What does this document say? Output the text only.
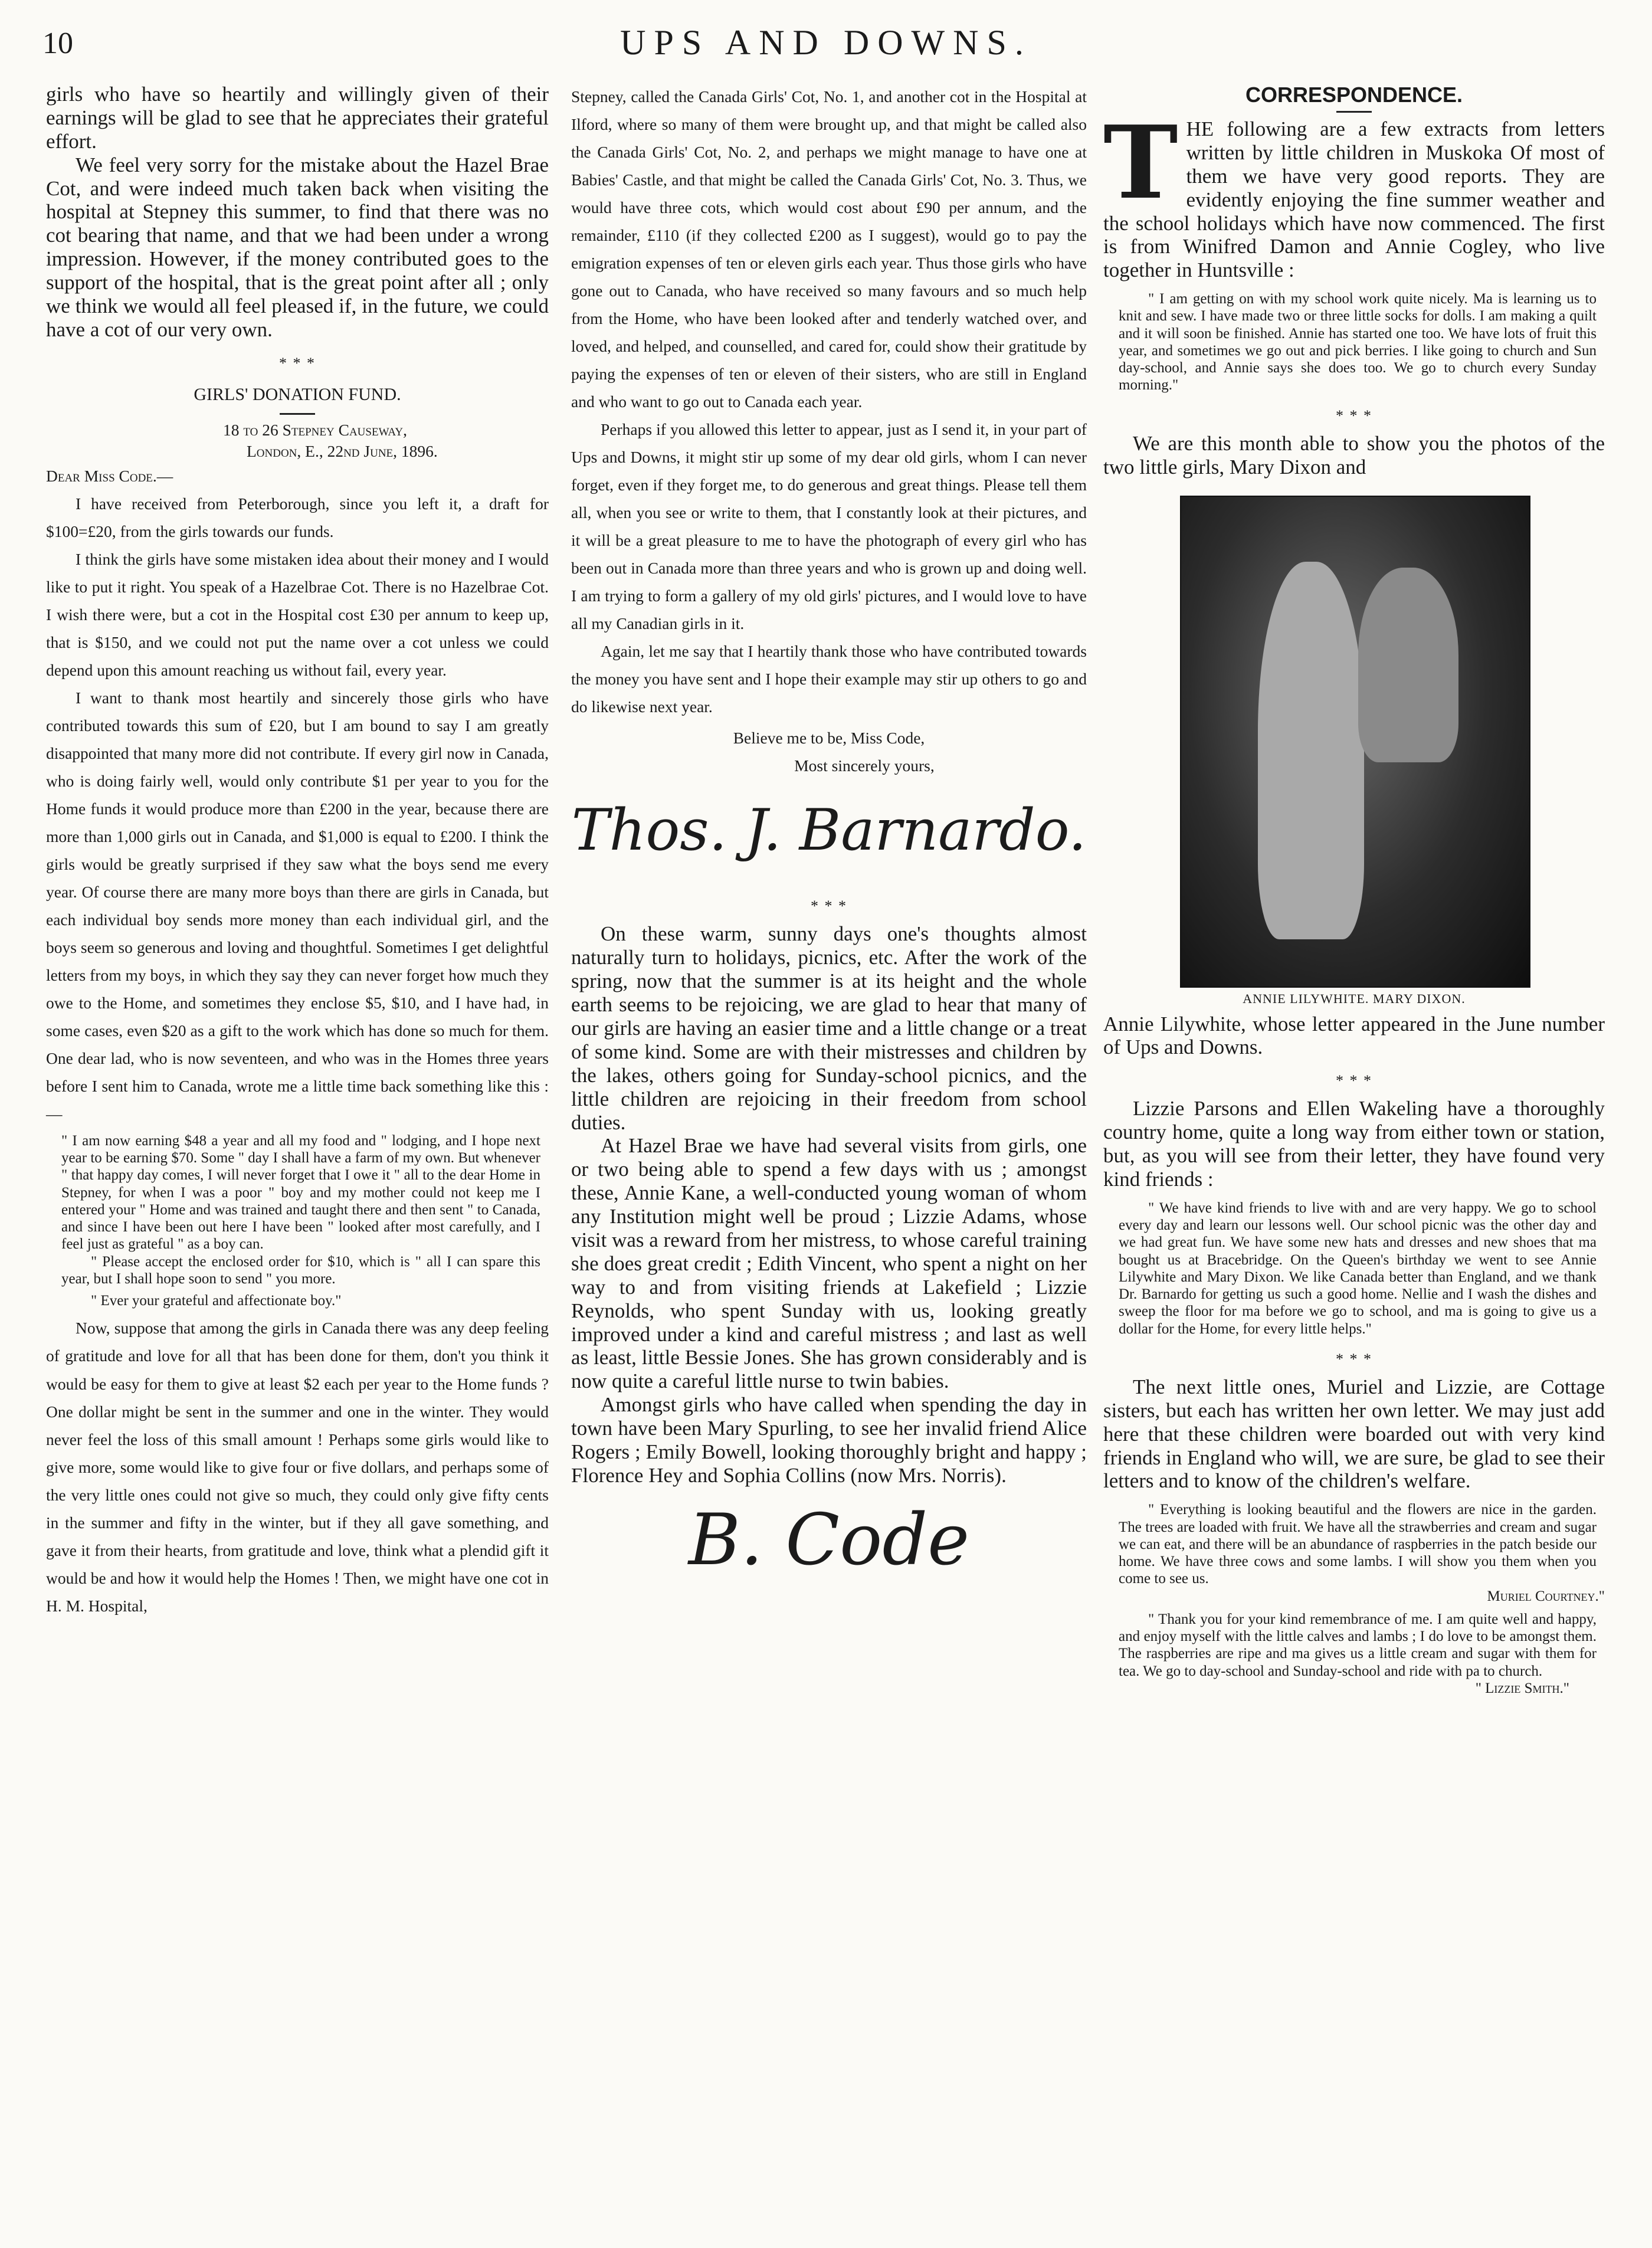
10	UPS AND DOWNS.

girls who have so heartily and willingly given of their earnings will be glad to see that he appreciates their grateful effort.

We feel very sorry for the mistake about the Hazel Brae Cot, and were indeed much taken back when visiting the hospital at Stepney this summer, to find that there was no cot bearing that name, and that we had been under a wrong impression. However, if the money contributed goes to the support of the hospital, that is the great point after all ; only we think we would all feel pleased if, in the future, we could have a cot of our very own.

* * *

GIRLS' DONATION FUND.

18 to 26 Stepney Causeway,

London, E., 22nd June, 1896.

Dear Miss Code.—

I have received from Peterborough, since you left it, a draft for $100=£20, from the girls towards our funds.

I think the girls have some mistaken idea about their money and I would like to put it right. You speak of a Hazelbrae Cot. There is no Hazelbrae Cot. I wish there were, but a cot in the Hospital cost £30 per annum to keep up, that is $150, and we could not put the name over a cot unless we could depend upon this amount reaching us without fail, every year.

I want to thank most heartily and sincerely those girls who have contributed towards this sum of £20, but I am bound to say I am greatly disappointed that many more did not contribute. If every girl now in Canada, who is doing fairly well, would only contribute $1 per year to you for the Home funds it would produce more than £200 in the year, because there are more than 1,000 girls out in Canada, and $1,000 is equal to £200. I think the girls would be greatly surprised if they saw what the boys send me every year. Of course there are many more boys than there are girls in Canada, but each individual boy sends more money than each individual girl, and the boys seem so generous and loving and thoughtful. Sometimes I get delightful letters from my boys, in which they say they can never forget how much they owe to the Home, and sometimes they enclose $5, $10, and I have had, in some cases, even $20 as a gift to the work which has done so much for them. One dear lad, who is now seventeen, and who was in the Homes three years before I sent him to Canada, wrote me a little time back something like this :—

" I am now earning $48 a year and all my food and " lodging, and I hope next year to be earning $70. Some " day I shall have a farm of my own. But whenever " that happy day comes, I will never forget that I owe it " all to the dear Home in Stepney, for when I was a poor " boy and my mother could not keep me I entered your " Home and was trained and taught there and then sent " to Canada, and since I have been out here I have been " looked after most carefully, and I feel just as grateful " as a boy can.

" Please accept the enclosed order for $10, which is " all I can spare this year, but I shall hope soon to send " you more.

" Ever your grateful and affectionate boy."

Now, suppose that among the girls in Canada there was any deep feeling of gratitude and love for all that has been done for them, don't you think it would be easy for them to give at least $2 each per year to the Home funds ? One dollar might be sent in the summer and one in the winter. They would never feel the loss of this small amount ! Perhaps some girls would like to give more, some would like to give four or five dollars, and perhaps some of the very little ones could not give so much, they could only give fifty cents in the summer and fifty in the winter, but if they all gave something, and gave it from their hearts, from gratitude and love, think what a plendid gift it would be and how it would help the Homes ! Then, we might have one cot in H. M. Hospital,

Stepney, called the Canada Girls' Cot, No. 1, and another cot in the Hospital at Ilford, where so many of them were brought up, and that might be called also the Canada Girls' Cot, No. 2, and perhaps we might manage to have one at Babies' Castle, and that might be called the Canada Girls' Cot, No. 3. Thus, we would have three cots, which would cost about £90 per annum, and the remainder, £110 (if they collected £200 as I suggest), would go to pay the emigration expenses of ten or eleven girls each year. Thus those girls who have gone out to Canada, who have received so many favours and so much help from the Home, who have been looked after and tenderly watched over, and loved, and helped, and counselled, and cared for, could show their gratitude by paying the expenses of ten or eleven of their sisters, who are still in England and who want to go out to Canada each year.

Perhaps if you allowed this letter to appear, just as I send it, in your part of Ups and Downs, it might stir up some of my dear old girls, whom I can never forget, even if they forget me, to do generous and great things. Please tell them all, when you see or write to them, that I constantly look at their pictures, and it will be a great pleasure to me to have the photograph of every girl who has been out in Canada more than three years and who is grown up and doing well. I am trying to form a gallery of my old girls' pictures, and I would love to have all my Canadian girls in it.

Again, let me say that I heartily thank those who have contributed towards the money you have sent and I hope their example may stir up others to go and do likewise next year.

Believe me to be, Miss Code,

Most sincerely yours,

Thos. J. Barnardo.
* * *

On these warm, sunny days one's thoughts almost naturally turn to holidays, picnics, etc. After the work of the spring, now that the summer is at its height and the whole earth seems to be rejoicing, we are glad to hear that many of our girls are having an easier time and a little change or a treat of some kind. Some are with their mistresses and children by the lakes, others going for Sunday-school picnics, and the little children are rejoicing in their freedom from school duties.

At Hazel Brae we have had several visits from girls, one or two being able to spend a few days with us ; amongst these, Annie Kane, a well-conducted young woman of whom any Institution might well be proud ; Lizzie Adams, whose visit was a reward from her mistress, to whose careful training she does great credit ; Edith Vincent, who spent a night on her way to and from visiting friends at Lakefield ; Lizzie Reynolds, who spent Sunday with us, looking greatly improved under a kind and careful mistress ; and last as well as least, little Bessie Jones. She has grown considerably and is now quite a careful little nurse to twin babies.

Amongst girls who have called when spending the day in town have been Mary Spurling, to see her invalid friend Alice Rogers ; Emily Bowell, looking thoroughly bright and happy ; Florence Hey and Sophia Collins (now Mrs. Norris).

B. Code
CORRESPONDENCE.

THE following are a few extracts from letters written by little children in Muskoka Of most of them we have very good reports. They are evidently enjoying the fine summer weather and the school holidays which have now commenced. The first is from Winifred Damon and Annie Cogley, who live together in Huntsville :

" I am getting on with my school work quite nicely. Ma is learning us to knit and sew. I have made two or three little socks for dolls. I am making a quilt and it will soon be finished. Annie has started one too. We have lots of fruit this year, and sometimes we go out and pick berries. I like going to church and Sun day-school, and Annie says she does too. We go to church every Sunday morning."

* * *

We are this month able to show you the photos of the two little girls, Mary Dixon and

ANNIE LILYWHITE. MARY DIXON.

Annie Lilywhite, whose letter appeared in the June number of Ups and Downs.

* * *

Lizzie Parsons and Ellen Wakeling have a thoroughly country home, quite a long way from either town or station, but, as you will see from their letter, they have found very kind friends :

" We have kind friends to live with and are very happy. We go to school every day and learn our lessons well. Our school picnic was the other day and we had great fun. We have some new hats and dresses and new shoes that ma bought us at Bracebridge. On the Queen's birthday we went to see Annie Lilywhite and Mary Dixon. We like Canada better than England, and we thank Dr. Barnardo for getting us such a good home. Nellie and I wash the dishes and sweep the floor for ma before we go to school, and ma is going to give us a dollar for the Home, for every little helps."

* * *

The next little ones, Muriel and Lizzie, are Cottage sisters, but each has written her own letter. We may just add here that these children were boarded out with very kind friends in England who will, we are sure, be glad to see their letters and to know of the children's welfare.

" Everything is looking beautiful and the flowers are nice in the garden. The trees are loaded with fruit. We have all the strawberries and cream and sugar we can eat, and there will be an abundance of raspberries in the patch beside our home. We have three cows and some lambs. I will show you them when you come to see us.

Muriel Courtney."

" Thank you for your kind remembrance of me. I am quite well and happy, and enjoy myself with the little calves and lambs ; I do love to be amongst them. The raspberries are ripe and ma gives us a little cream and sugar with them for tea. We go to day-school and Sunday-school and ride with pa to church.

" Lizzie Smith."
